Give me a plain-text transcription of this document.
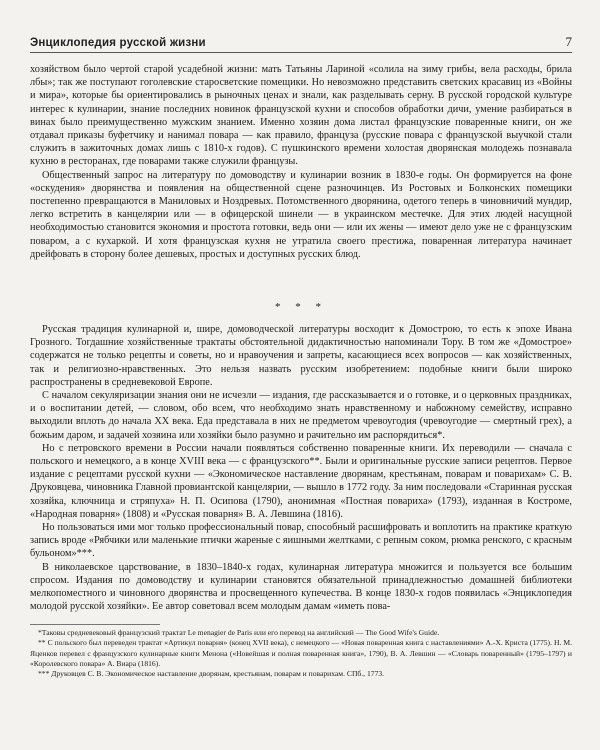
Энциклопедия русской жизни	7

хозяйством было чертой старой усадебной жизни: мать Татьяны Лариной «солила на зиму грибы, вела расходы, брила лбы»; так же поступают гоголевские старосветские помещики. Но невозможно представить светских красавиц из «Войны и мира», которые бы ориентировались в рыночных ценах и знали, как разделывать серну. В русской городской культуре интерес к кулинарии, знание последних новинок французской кухни и способов обработки дичи, умение разбираться в винах было преимущественно мужским знанием. Именно хозяин дома листал французские поваренные книги, он же отдавал приказы буфетчику и нанимал повара — как правило, француза (русские повара с французской выучкой стали служить в зажиточных домах лишь с 1810-х годов). С пушкинского времени холостая дворянская молодежь познавала кухню в ресторанах, где поварами также служили французы.

Общественный запрос на литературу по домоводству и кулинарии возник в 1830-е годы. Он формируется на фоне «оскудения» дворянства и появления на общественной сцене разночинцев. Из Ростовых и Болконских помещики постепенно превращаются в Маниловых и Ноздревых. Потомственного дворянина, одетого теперь в чиновничий мундир, легко встретить в канцелярии или — в офицерской шинели — в украинском местечке. Для этих людей насущной необходимостью становится экономия и простота готовки, ведь они — или их жены — имеют дело уже не с французским поваром, а с кухаркой. И хотя французская кухня не утратила своего престижа, поваренная литература начинает дрейфовать в сторону более дешевых, простых и доступных русских блюд.

* * *

Русская традиция кулинарной и, шире, домоводческой литературы восходит к Домострою, то есть к эпохе Ивана Грозного. Тогдашние хозяйственные трактаты обстоятельной дидактичностью напоминали Тору. В том же «Домострое» содержатся не только рецепты и советы, но и нравоучения и запреты, касающиеся всех вопросов — как хозяйственных, так и религиозно-нравственных. Это нельзя назвать русским изобретением: подобные книги были широко распространены в средневековой Европе.

С началом секуляризации знания они не исчезли — издания, где рассказывается и о готовке, и о церковных праздниках, и о воспитании детей, — словом, обо всем, что необходимо знать нравственному и набожному семейству, исправно выходили вплоть до начала XX века. Еда представала в них не предметом чревоугодия (чревоугодие — смертный грех), а божьим даром, и задачей хозяина или хозяйки было разумно и рачительно им распорядиться*.

Но с петровского времени в России начали появляться собственно поваренные книги. Их переводили — сначала с польского и немецкого, а в конце XVIII века — с французского**. Были и оригинальные русские записи рецептов. Первое издание с рецептами русской кухни — «Экономическое наставление дворянам, крестьянам, поварам и поварихам» С. В. Друковцева, чиновника Главной провиантской канцелярии, — вышло в 1772 году. За ним последовали «Старинная русская хозяйка, ключница и стряпуха» Н. П. Осипова (1790), анонимная «Постная повариха» (1793), изданная в Костроме, «Народная поварня» (1808) и «Русская поварня» В. А. Левшина (1816).

Но пользоваться ими мог только профессиональный повар, способный расшифровать и воплотить на практике краткую запись вроде «Рябчики или маленькие птички жареные с яишными желтками, с репным соком, рюмка ренского, с красным бульоном»***.

В николаевское царствование, в 1830–1840-х годах, кулинарная литература множится и пользуется все большим спросом. Издания по домоводству и кулинарии становятся обязательной принадлежностью домашней библиотеки мелкопоместного и чиновного дворянства и просвещенного купечества. В конце 1830-х годов появилась «Энциклопедия молодой русской хозяйки». Ее автор советовал всем молодым дамам «иметь пова-

*Таковы средневековый французский трактат Le menagier de Paris или его перевод на английский — The Good Wife's Guide.

** С польского был переведен трактат «Артикул поварня» (конец XVII века), с немецкого — «Новая поваренная книга с наставлениями» А.-Х. Криста (1775). Н. М. Яценков перевел с французского кулинарные книги Менона («Новейшая и полная поваренная книга», 1790), В. А. Левшин — «Словарь поваренный» (1795–1797) и «Королевского повара» А. Виара (1816).

*** Друковцев С. В. Экономическое наставление дворянам, крестьянам, поварам и поварихам. СПб., 1773.
